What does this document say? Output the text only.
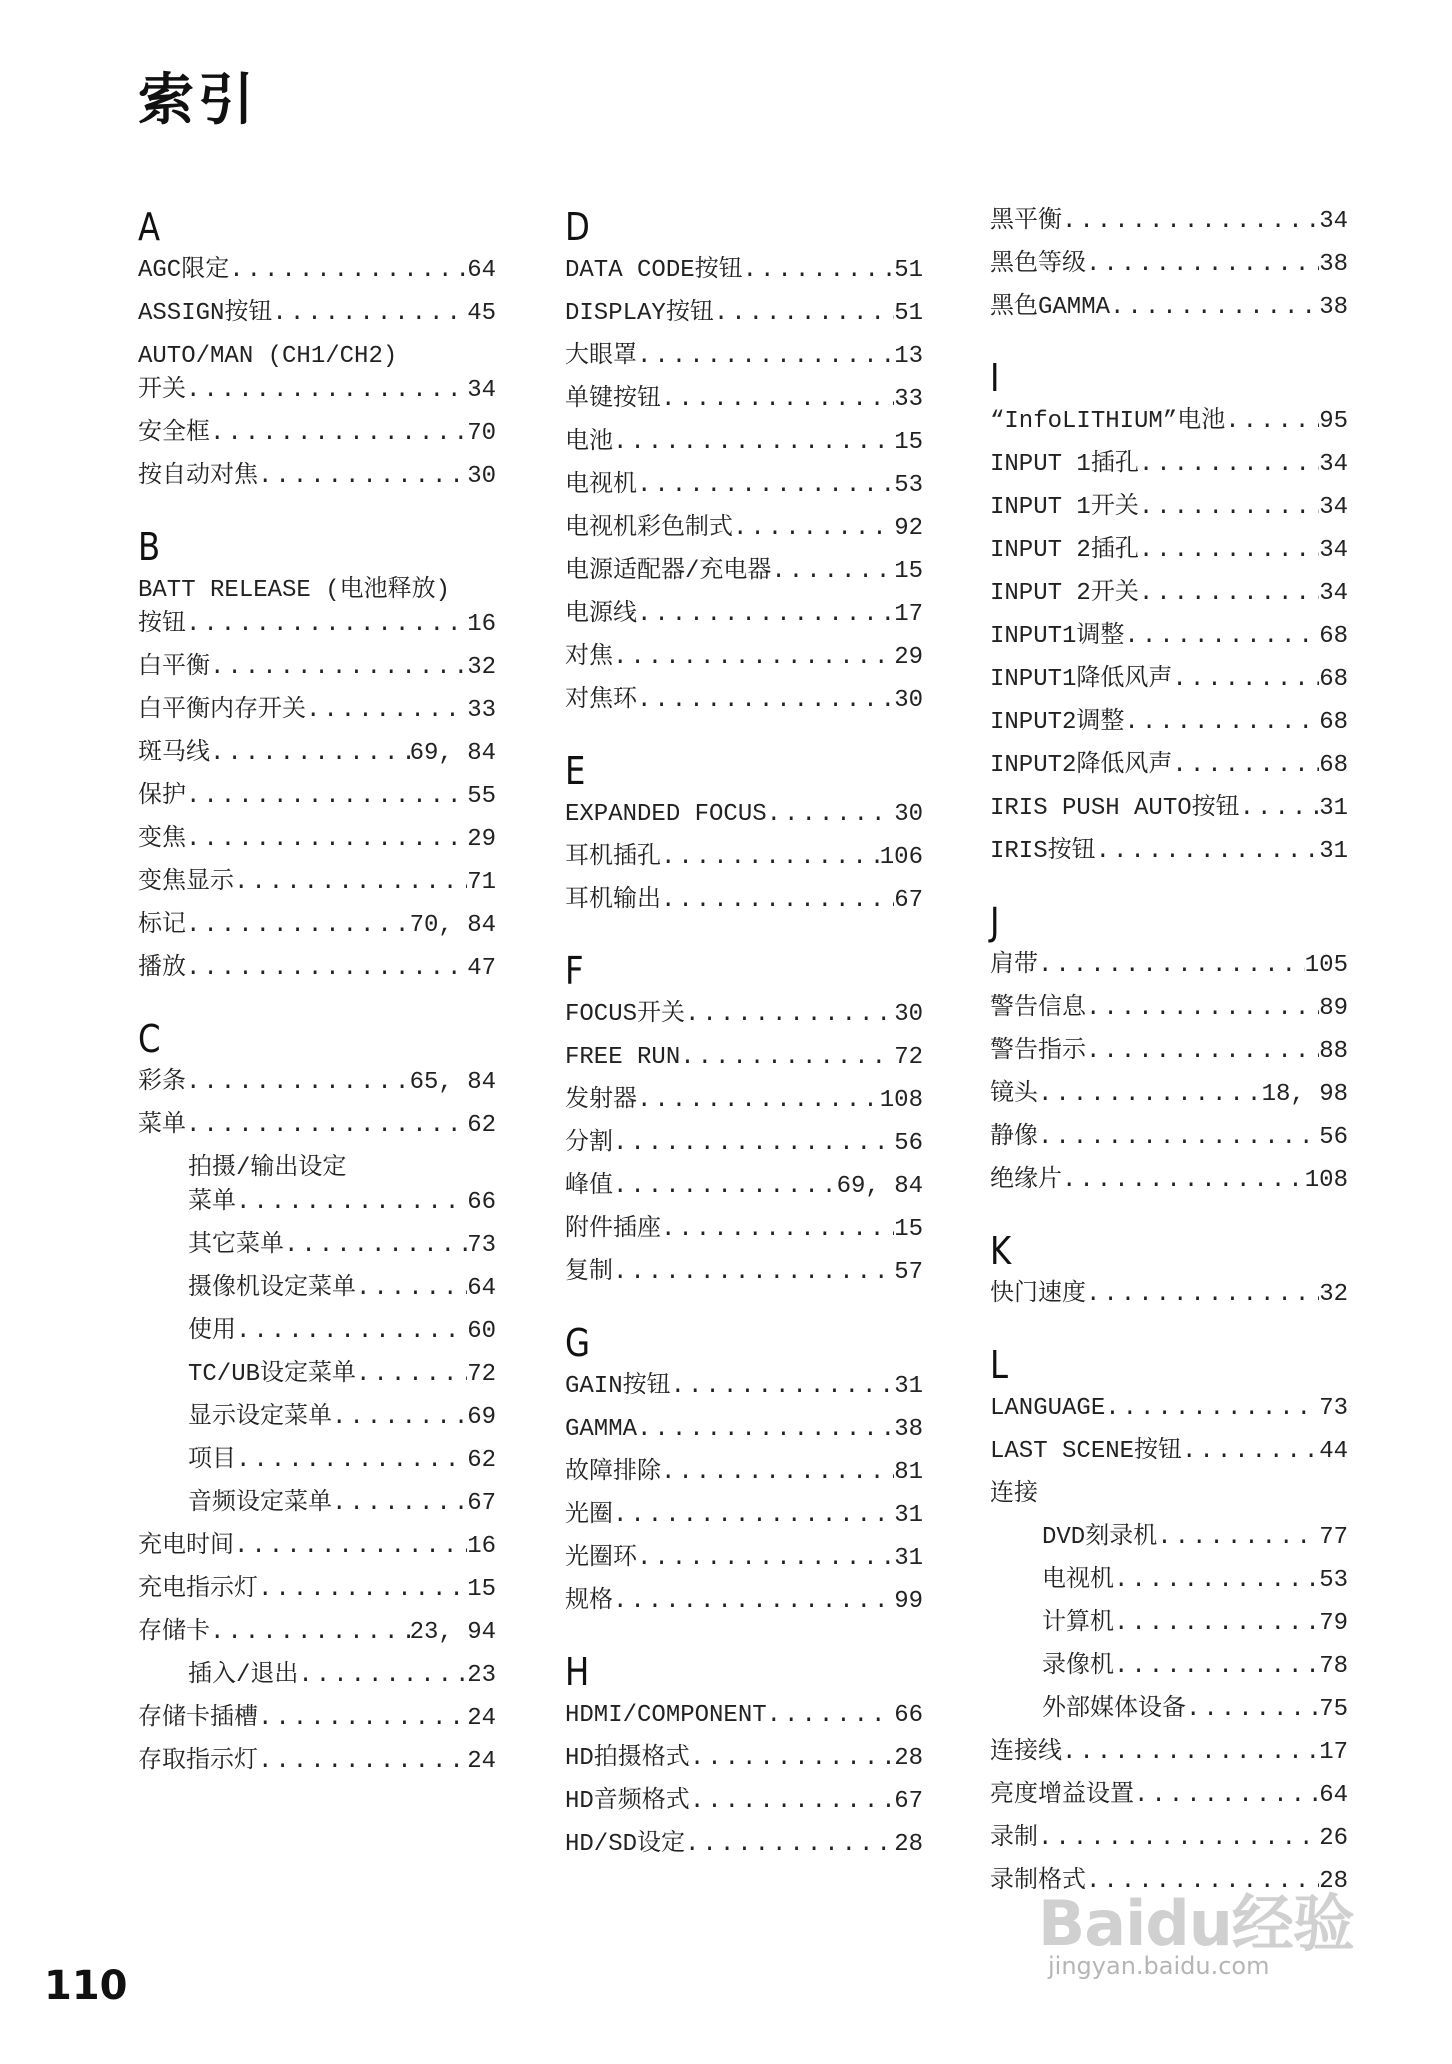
索引
A
AGC限定 .....	64
ASSIGN按钮 .....	45
AUTO/MAN (CH1/CH2)
开关 .....	34
安全框 .....	70
按自动对焦 .....	30
B
BATT RELEASE (电池释放)
按钮 .....	16
白平衡 .....	32
白平衡内存开关 .....	33
斑马线 .....	69, 84
保护 .....	55
变焦 .....	29
变焦显示 .....	71
标记 .....	70, 84
播放 .....	47
C
彩条 .....	65, 84
菜单 .....	62
拍摄/输出设定
菜单 .....	66
其它菜单 .....	73
摄像机设定菜单 .....	64
使用 .....	60
TC/UB设定菜单 .....	72
显示设定菜单 .....	69
项目 .....	62
音频设定菜单 .....	67
充电时间 .....	16
充电指示灯 .....	15
存储卡 .....	23, 94
插入/退出 .....	23
存储卡插槽 .....	24
存取指示灯 .....	24
D
DATA CODE按钮 .....	51
DISPLAY按钮 .....	51
大眼罩 .....	13
单键按钮 .....	33
电池 .....	15
电视机 .....	53
电视机彩色制式 .....	92
电源适配器/充电器 .....	15
电源线 .....	17
对焦 .....	29
对焦环 .....	30
E
EXPANDED FOCUS .....	30
耳机插孔 .....	106
耳机输出 .....	67
F
FOCUS开关 .....	30
FREE RUN .....	72
发射器 .....	108
分割 .....	56
峰值 .....	69, 84
附件插座 .....	15
复制 .....	57
G
GAIN按钮 .....	31
GAMMA .....	38
故障排除 .....	81
光圈 .....	31
光圈环 .....	31
规格 .....	99
H
HDMI/COMPONENT .....	66
HD拍摄格式 .....	28
HD音频格式 .....	67
HD/SD设定 .....	28
黑平衡 .....	34
黑色等级 .....	38
黑色GAMMA .....	38
I
“InfoLITHIUM”电池 .....	95
INPUT 1插孔 .....	34
INPUT 1开关 .....	34
INPUT 2插孔 .....	34
INPUT 2开关 .....	34
INPUT1调整 .....	68
INPUT1降低风声 .....	68
INPUT2调整 .....	68
INPUT2降低风声 .....	68
IRIS PUSH AUTO按钮 .....	31
IRIS按钮 .....	31
J
肩带 .....	105
警告信息 .....	89
警告指示 .....	88
镜头 .....	18, 98
静像 .....	56
绝缘片 .....	108
K
快门速度 .....	32
L
LANGUAGE .....	73
LAST SCENE按钮 .....	44
连接
DVD刻录机 .....	77
电视机 .....	53
计算机 .....	79
录像机 .....	78
外部媒体设备 .....	75
连接线 .....	17
亮度增益设置 .....	64
录制 .....	26
录制格式 .....	28
Baidu经验
jingyan.baidu.com
110
